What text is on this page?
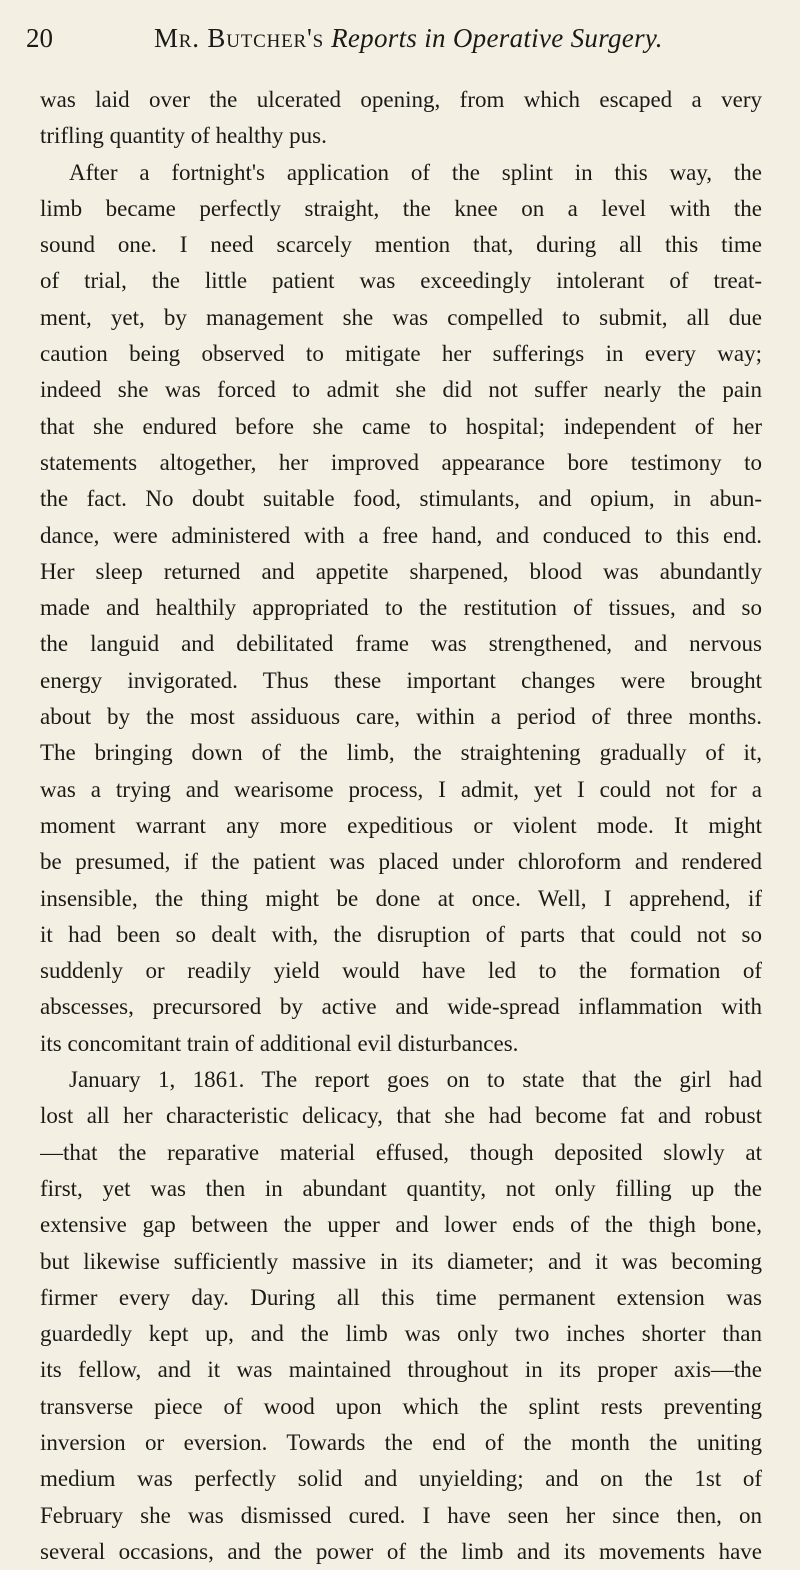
20	Mr. Butcher's Reports in Operative Surgery.
was laid over the ulcerated opening, from which escaped a very
trifling quantity of healthy pus.
After a fortnight's application of the splint in this way, the
limb became perfectly straight, the knee on a level with the
sound one. I need scarcely mention that, during all this time
of trial, the little patient was exceedingly intolerant of treat-
ment, yet, by management she was compelled to submit, all due
caution being observed to mitigate her sufferings in every way;
indeed she was forced to admit she did not suffer nearly the pain
that she endured before she came to hospital; independent of her
statements altogether, her improved appearance bore testimony to
the fact. No doubt suitable food, stimulants, and opium, in abun-
dance, were administered with a free hand, and conduced to this end.
Her sleep returned and appetite sharpened, blood was abundantly
made and healthily appropriated to the restitution of tissues, and so
the languid and debilitated frame was strengthened, and nervous
energy invigorated. Thus these important changes were brought
about by the most assiduous care, within a period of three months.
The bringing down of the limb, the straightening gradually of it,
was a trying and wearisome process, I admit, yet I could not for a
moment warrant any more expeditious or violent mode. It might
be presumed, if the patient was placed under chloroform and rendered
insensible, the thing might be done at once. Well, I apprehend, if
it had been so dealt with, the disruption of parts that could not so
suddenly or readily yield would have led to the formation of
abscesses, precursored by active and wide-spread inflammation with
its concomitant train of additional evil disturbances.
January 1, 1861. The report goes on to state that the girl had
lost all her characteristic delicacy, that she had become fat and robust
—that the reparative material effused, though deposited slowly at
first, yet was then in abundant quantity, not only filling up the
extensive gap between the upper and lower ends of the thigh bone,
but likewise sufficiently massive in its diameter; and it was becoming
firmer every day. During all this time permanent extension was
guardedly kept up, and the limb was only two inches shorter than
its fellow, and it was maintained throughout in its proper axis—the
transverse piece of wood upon which the splint rests preventing
inversion or eversion. Towards the end of the month the uniting
medium was perfectly solid and unyielding; and on the 1st of
February she was dismissed cured. I have seen her since then, on
several occasions, and the power of the limb and its movements have
